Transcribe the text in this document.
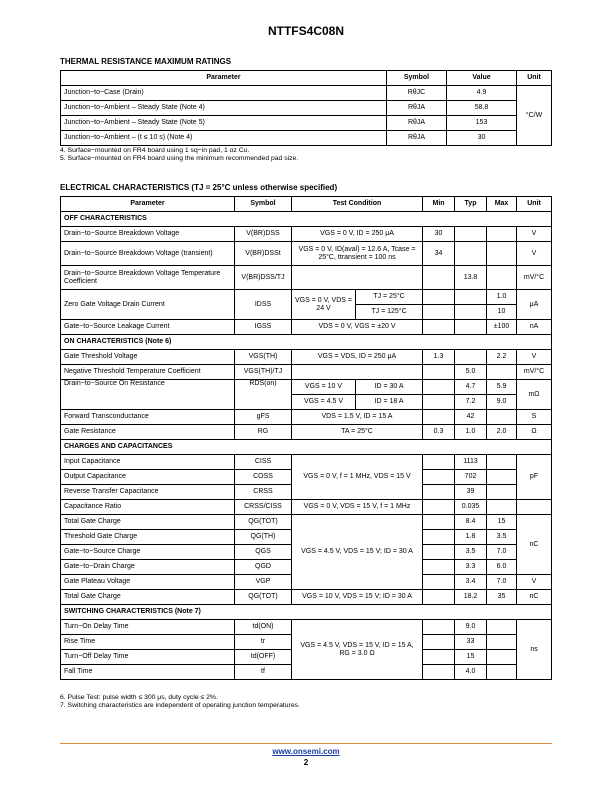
NTTFS4C08N
THERMAL RESISTANCE MAXIMUM RATINGS
Parameter	Symbol	Value	Unit
Junction−to−Case (Drain)	RθJC	4.9	°C/W
Junction−to−Ambient – Steady State (Note 4)	RθJA	58.8	
Junction−to−Ambient – Steady State (Note 5)	RθJA	153	
Junction−to−Ambient – (t ≤ 10 s) (Note 4)	RθJA	30	
4. Surface−mounted on FR4 board using 1 sq−in pad, 1 oz Cu.
5. Surface−mounted on FR4 board using the minimum recommended pad size.
ELECTRICAL CHARACTERISTICS (TJ = 25°C unless otherwise specified)
Parameter	Symbol	Test Condition		Min	Typ	Max	Unit
OFF CHARACTERISTICS							
Drain−to−Source Breakdown Voltage	V(BR)DSS	VGS = 0 V, ID = 250 μA		30			V
Drain−to−Source Breakdown Voltage (transient)	V(BR)DSSt	VGS = 0 V, ID(aval) = 12.6 A, Tcase = 25°C, ttransient = 100 ns		34			V
Drain−to−Source Breakdown Voltage Temperature Coefficient	V(BR)DSS/TJ				13.8		mV/°C
Zero Gate Voltage Drain Current	IDSS	VGS = 0 V, VDS = 24 V	TJ = 25°C			1.0	μA
			TJ = 125°C			10	
Gate−to−Source Leakage Current	IGSS	VDS = 0 V, VGS = ±20 V				±100	nA
ON CHARACTERISTICS (Note 6)							
Gate Threshold Voltage	VGS(TH)	VGS = VDS, ID = 250 μA		1.3		2.2	V
Negative Threshold Temperature Coefficient	VGS(TH)/TJ				5.0		mV/°C
Drain−to−Source On Resistance	RDS(on)	VGS = 10 V	ID = 30 A		4.7	5.9	mΩ
		VGS = 4.5 V	ID = 18 A		7.2	9.0	
Forward Transconductance	gFS	VDS = 1.5 V, ID = 15 A			42		S
Gate Resistance	RG	TA = 25°C		0.3	1.0	2.0	Ω
CHARGES AND CAPACITANCES							
Input Capacitance	CISS	VGS = 0 V, f = 1 MHz, VDS = 15 V			1113		pF
Output Capacitance	COSS				702		
Reverse Transfer Capacitance	CRSS				39		
Capacitance Ratio	CRSS/CISS	VGS = 0 V, VDS = 15 V, f = 1 MHz			0.035		
Total Gate Charge	QG(TOT)	VGS = 4.5 V, VDS = 15 V; ID = 30 A			8.4	15	nC
Threshold Gate Charge	QG(TH)				1.8	3.5	
Gate−to−Source Charge	QGS				3.5	7.0	
Gate−to−Drain Charge	QGD				3.3	6.0	
Gate Plateau Voltage	VGP				3.4	7.0	V
Total Gate Charge	QG(TOT)	VGS = 10 V, VDS = 15 V; ID = 30 A			18.2	35	nC
SWITCHING CHARACTERISTICS (Note 7)							
Turn−On Delay Time	td(ON)	VGS = 4.5 V, VDS = 15 V, ID = 15 A, RG = 3.0 Ω			9.0		ns
Rise Time	tr				33		
Turn−Off Delay Time	td(OFF)				15		
Fall Time	tf				4.0		
6. Pulse Test: pulse width ≤ 300 μs, duty cycle ≤ 2%.
7. Switching characteristics are independent of operating junction temperatures.
www.onsemi.com
2
